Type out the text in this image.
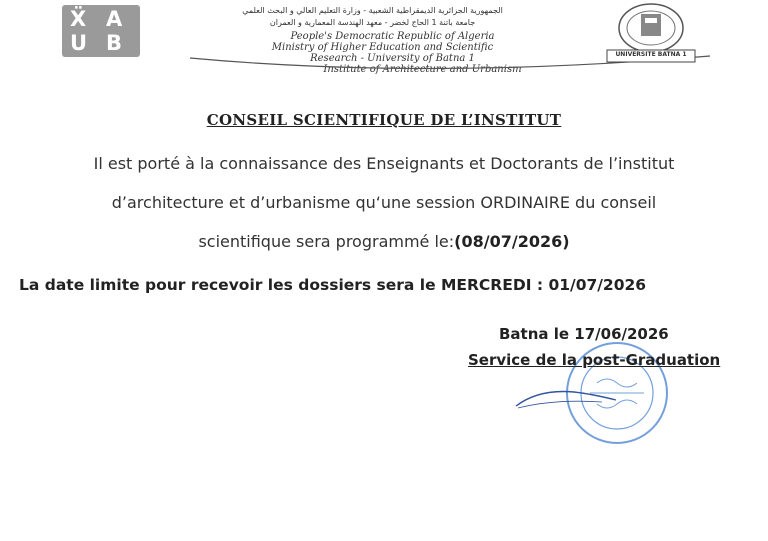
Ẍ A
U B
الجمهورية الجزائرية الديمقراطية الشعبية - وزارة التعليم العالي و البحث العلمي
جامعة باتنة 1 الحاج لخضر - معهد الهندسة المعمارية و العمران
People's Democratic Republic of Algeria
Ministry of Higher Education and Scientific
Research - University of Batna 1
Institute of Architecture and Urbanism
UNIVERSITE BATNA 1
CONSEIL SCIENTIFIQUE DE L’INSTITUT
Il est porté à la connaissance des Enseignants et Doctorants de l’institut
d’architecture et d’urbanisme qu‘une session ORDINAIRE du conseil
scientifique sera programmé le:(08/07/2026)
La date limite pour recevoir les dossiers sera le MERCREDI : 01/07/2026
Batna le 17/06/2026
Service de la post-Graduation
